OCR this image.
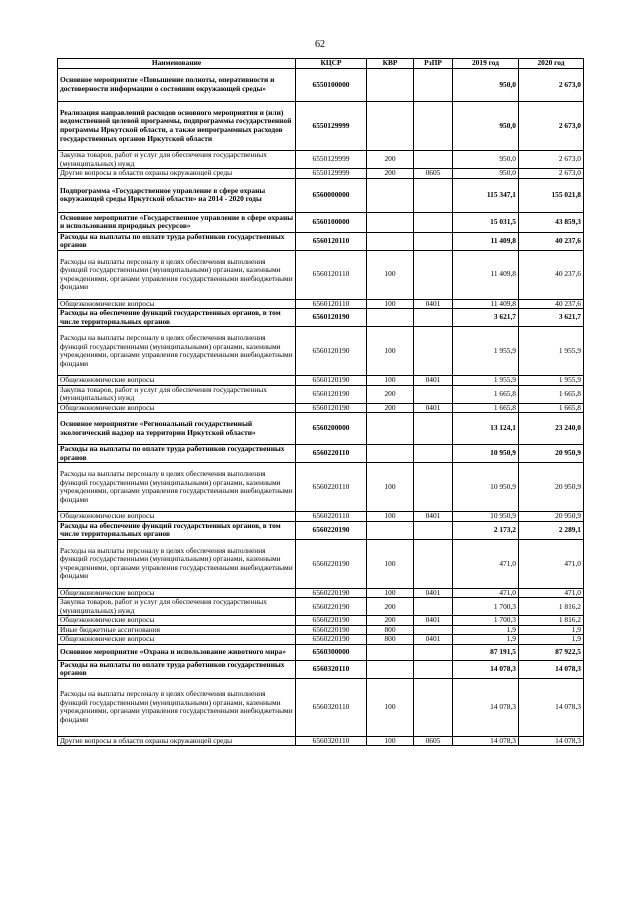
62
Наименование	КЦСР	КВР	РзПР	2019 год	2020 год
Основное мероприятие «Повышение полноты, оперативности и достоверности информации о состоянии окружающей среды»	6550100000			950,0	2 673,0
Реализация направлений расходов основного мероприятия и (или) ведомственной целевой программы, подпрограммы государственной программы Иркутской области, а также непрограммных расходов государственных органов Иркутской области	6550129999			950,0	2 673,0
Закупка товаров, работ и услуг для обеспечения государственных (муниципальных) нужд	6550129999	200		950,0	2 673,0
Другие вопросы в области охраны окружающей среды	6550129999	200	0605	950,0	2 673,0
Подпрограмма «Государственное управление в сфере охраны окружающей среды Иркутской области» на 2014 - 2020 годы	6560000000			115 347,1	155 021,8
Основное мероприятие «Государственное управление в сфере охраны и использования природных ресурсов»	6560100000			15 031,5	43 859,3
Расходы на выплаты по оплате труда работников государственных органов	6560120110			11 409,8	40 237,6
Расходы на выплаты персоналу в целях обеспечения выполнения функций государственными (муниципальными) органами, казенными учреждениями, органами управления государственными внебюджетными фондами	6560120110	100		11 409,8	40 237,6
Общеэкономические вопросы	6560120110	100	0401	11 409,8	40 237,6
Расходы на обеспечение функций государственных органов, в том числе территориальных органов	6560120190			3 621,7	3 621,7
Расходы на выплаты персоналу в целях обеспечения выполнения функций государственными (муниципальными) органами, казенными учреждениями, органами управления государственными внебюджетными фондами	6560120190	100		1 955,9	1 955,9
Общеэкономические вопросы	6560120190	100	0401	1 955,9	1 955,9
Закупка товаров, работ и услуг для обеспечения государственных (муниципальных) нужд	6560120190	200		1 665,8	1 665,8
Общеэкономические вопросы	6560120190	200	0401	1 665,8	1 665,8
Основное мероприятие «Региональный государственный экологический надзор на территории Иркутской области»	6560200000			13 124,1	23 240,0
Расходы на выплаты по оплате труда работников государственных органов	6560220110			10 950,9	20 950,9
Расходы на выплаты персоналу в целях обеспечения выполнения функций государственными (муниципальными) органами, казенными учреждениями, органами управления государственными внебюджетными фондами	6560220110	100		10 950,9	20 950,9
Общеэкономические вопросы	6560220110	100	0401	10 950,9	20 950,9
Расходы на обеспечение функций государственных органов, в том числе территориальных органов	6560220190			2 173,2	2 289,1
Расходы на выплаты персоналу в целях обеспечения выполнения функций государственными (муниципальными) органами, казенными учреждениями, органами управления государственными внебюджетными фондами	6560220190	100		471,0	471,0
Общеэкономические вопросы	6560220190	100	0401	471,0	471,0
Закупка товаров, работ и услуг для обеспечения государственных (муниципальных) нужд	6560220190	200		1 700,3	1 816,2
Общеэкономические вопросы	6560220190	200	0401	1 700,3	1 816,2
Иные бюджетные ассигнования	6560220190	800		1,9	1,9
Общеэкономические вопросы	6560220190	800	0401	1,9	1,9
Основное мероприятие «Охрана и использование животного мира»	6560300000			87 191,5	87 922,5
Расходы на выплаты по оплате труда работников государственных органов	6560320110			14 078,3	14 078,3
Расходы на выплаты персоналу в целях обеспечения выполнения функций государственными (муниципальными) органами, казенными учреждениями, органами управления государственными внебюджетными фондами	6560320110	100		14 078,3	14 078,3
Другие вопросы в области охраны окружающей среды	6560320110	100	0605	14 078,3	14 078,3
